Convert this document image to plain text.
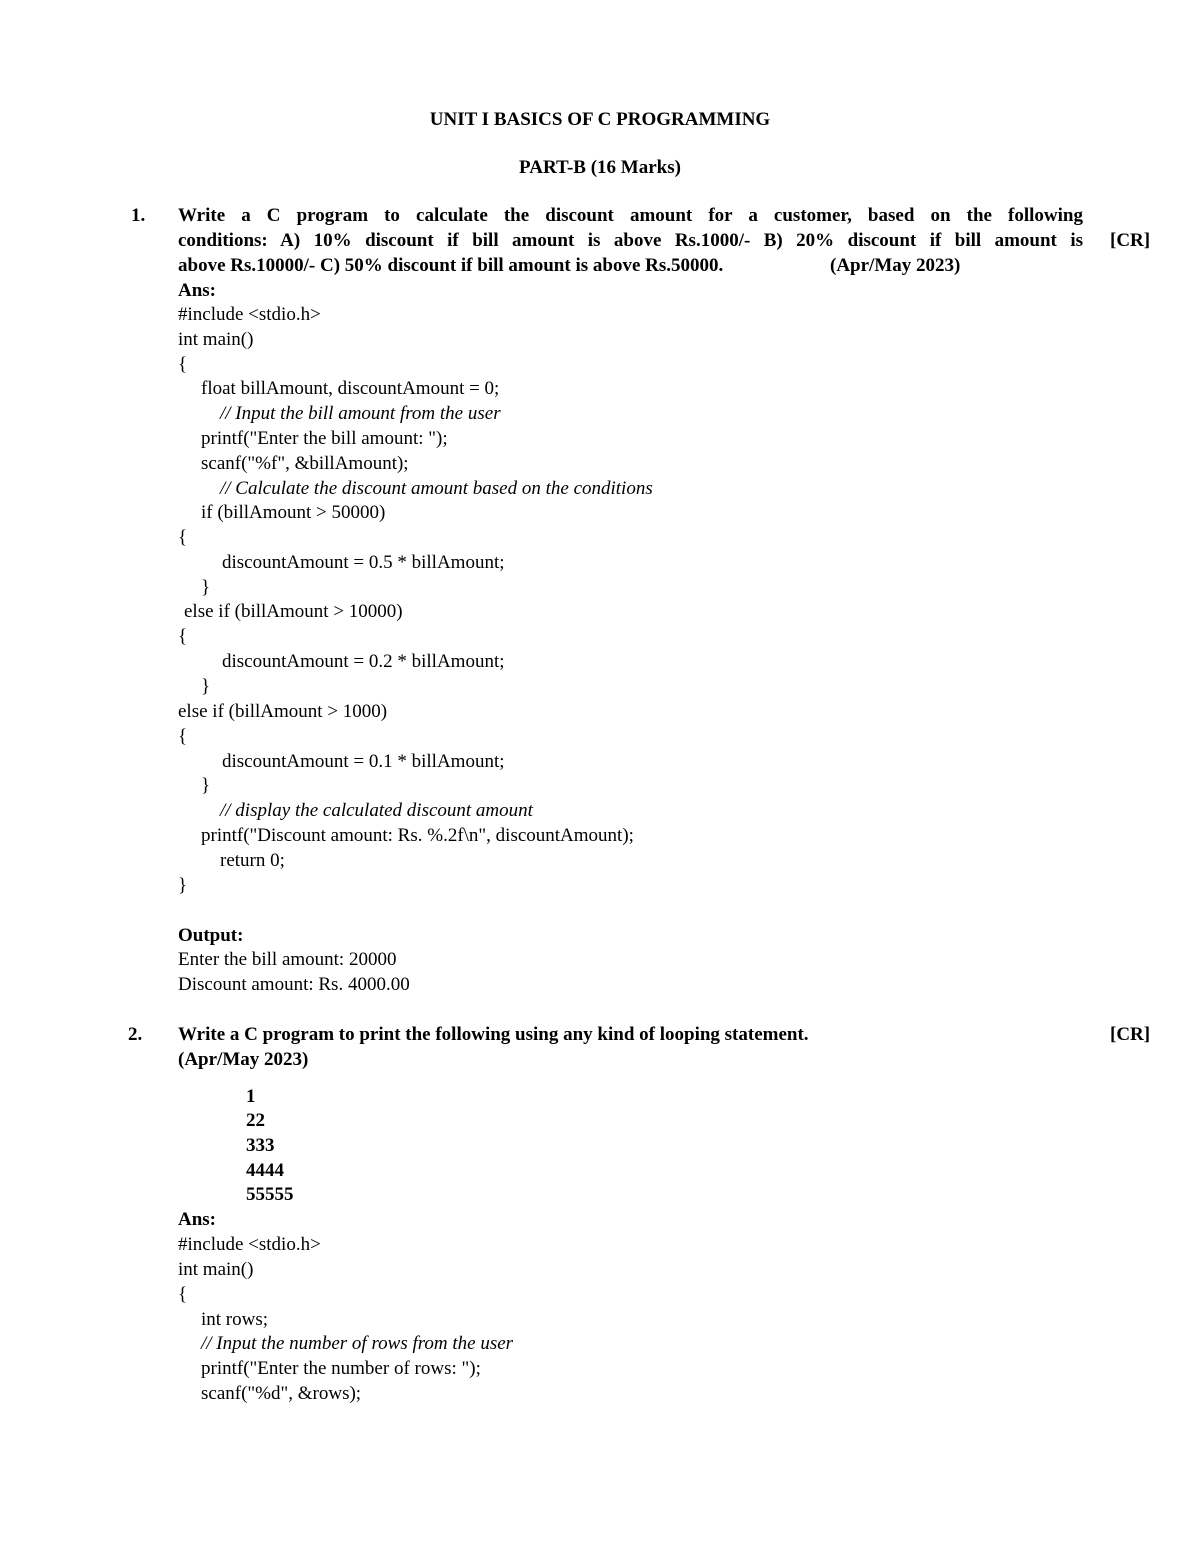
UNIT I BASICS OF C PROGRAMMING
PART-B (16 Marks)
1. Write a C program to calculate the discount amount for a customer, based on the following
conditions: A) 10% discount if bill amount is above Rs.1000/- B) 20% discount if bill amount is
above Rs.10000/- C) 50% discount if bill amount is above Rs.50000.	(Apr/May 2023)
[CR]
Ans:
#include <stdio.h>
int main()
{
float billAmount, discountAmount = 0;
// Input the bill amount from the user
printf("Enter the bill amount: ");
scanf("%f", &billAmount);
// Calculate the discount amount based on the conditions
if (billAmount > 50000)
{
discountAmount = 0.5 * billAmount;
}
else if (billAmount > 10000)
{
discountAmount = 0.2 * billAmount;
}
else if (billAmount > 1000)
{
discountAmount = 0.1 * billAmount;
}
// display the calculated discount amount
printf("Discount amount: Rs. %.2f\n", discountAmount);
return 0;
}
Output:
Enter the bill amount: 20000
Discount amount: Rs. 4000.00
2. Write a C program to print the following using any kind of looping statement.	[CR]
(Apr/May 2023)
1
22
333
4444
55555
Ans:
#include <stdio.h>
int main()
{
int rows;
// Input the number of rows from the user
printf("Enter the number of rows: ");
scanf("%d", &rows);
